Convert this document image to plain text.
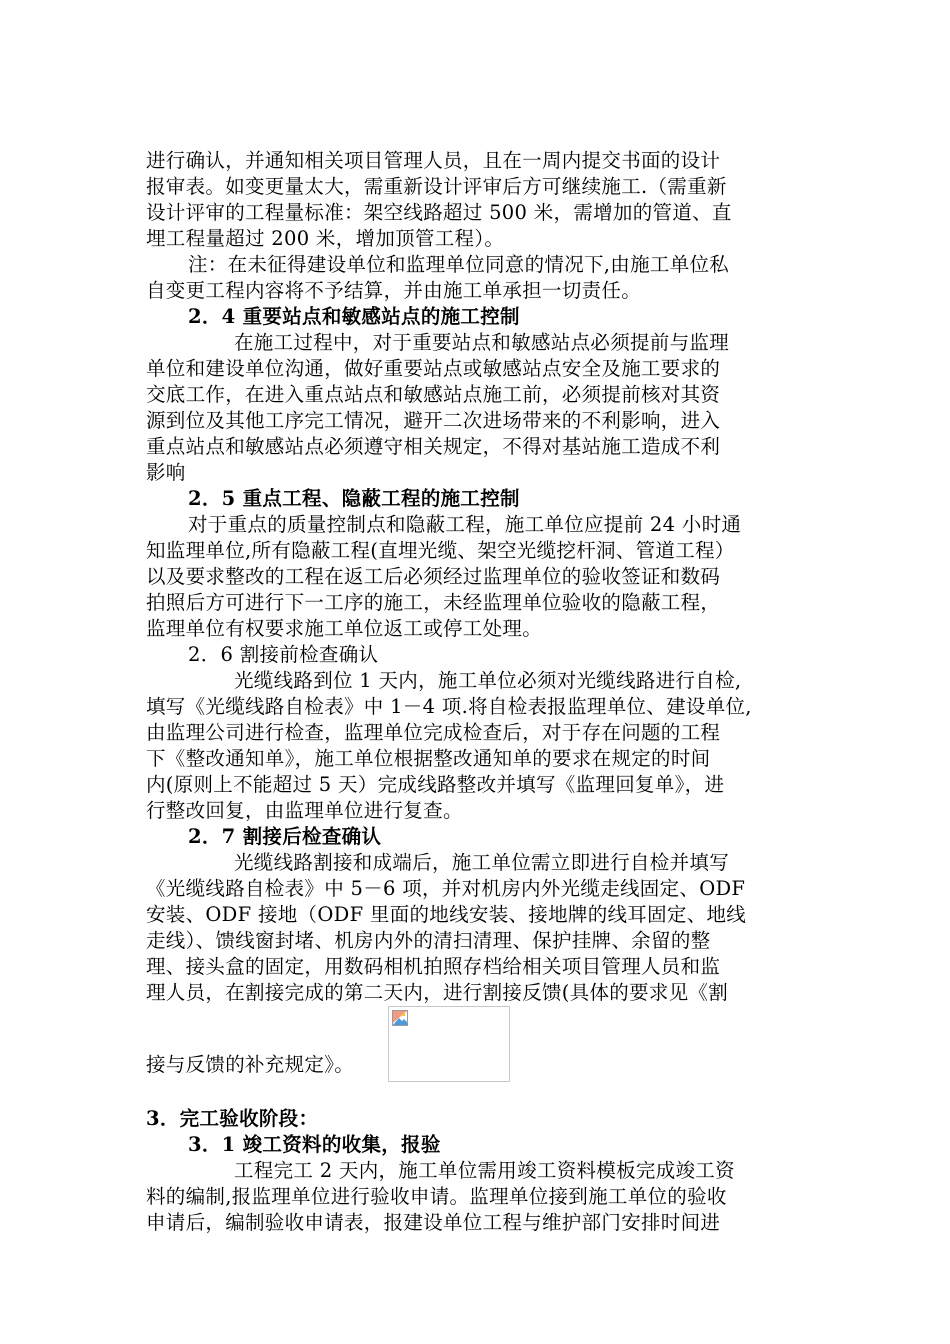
进行确认，并通知相关项目管理人员，且在一周内提交书面的设计
报审表。如变更量太大，需重新设计评审后方可继续施工.（需重新
设计评审的工程量标准：架空线路超过 500 米，需增加的管道、直
埋工程量超过 200 米，增加顶管工程）。
注：在未征得建设单位和监理单位同意的情况下,由施工单位私
自变更工程内容将不予结算，并由施工单承担一切责任。
2．4 重要站点和敏感站点的施工控制
在施工过程中，对于重要站点和敏感站点必须提前与监理
单位和建设单位沟通，做好重要站点或敏感站点安全及施工要求的
交底工作，在进入重点站点和敏感站点施工前，必须提前核对其资
源到位及其他工序完工情况，避开二次进场带来的不利影响，进入
重点站点和敏感站点必须遵守相关规定，不得对基站施工造成不利
影响
2．5 重点工程、隐蔽工程的施工控制
对于重点的质量控制点和隐蔽工程，施工单位应提前 24 小时通
知监理单位,所有隐蔽工程(直埋光缆、架空光缆挖杆洞、管道工程）
以及要求整改的工程在返工后必须经过监理单位的验收签证和数码
拍照后方可进行下一工序的施工，未经监理单位验收的隐蔽工程，
监理单位有权要求施工单位返工或停工处理。
2．6 割接前检查确认
光缆线路到位 1 天内，施工单位必须对光缆线路进行自检,
填写《光缆线路自检表》中 1－4 项.将自检表报监理单位、建设单位,
由监理公司进行检查，监理单位完成检查后，对于存在问题的工程
下《整改通知单》，施工单位根据整改通知单的要求在规定的时间
内(原则上不能超过 5 天）完成线路整改并填写《监理回复单》，进
行整改回复，由监理单位进行复查。
2．7 割接后检查确认
光缆线路割接和成端后，施工单位需立即进行自检并填写
《光缆线路自检表》中 5－6 项，并对机房内外光缆走线固定、ODF
安装、ODF 接地（ODF 里面的地线安装、接地牌的线耳固定、地线
走线）、馈线窗封堵、机房内外的清扫清理、保护挂牌、余留的整
理、接头盒的固定，用数码相机拍照存档给相关项目管理人员和监
理人员，在割接完成的第二天内，进行割接反馈(具体的要求见《割
接与反馈的补充规定》。
3．完工验收阶段：
3．1 竣工资料的收集，报验
工程完工 2 天内，施工单位需用竣工资料模板完成竣工资
料的编制,报监理单位进行验收申请。监理单位接到施工单位的验收
申请后，编制验收申请表，报建设单位工程与维护部门安排时间进
